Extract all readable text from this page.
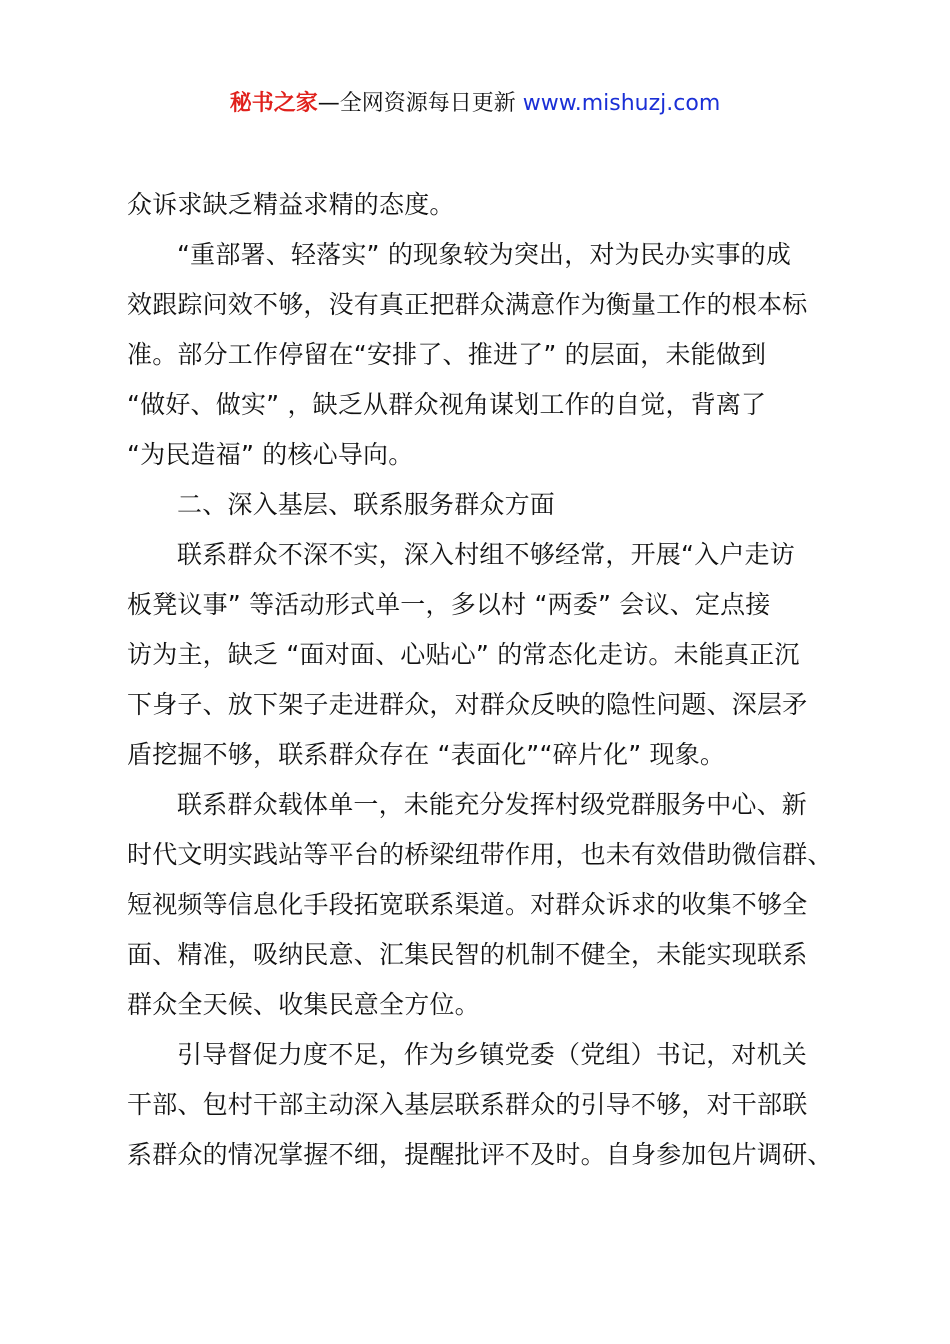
秘书之家—全网资源每日更新 www.mishuzj.com
众诉求缺乏精益求精的态度。
“重部署、轻落实” 的现象较为突出，对为民办实事的成
效跟踪问效不够，没有真正把群众满意作为衡量工作的根本标
准。部分工作停留在“安排了、推进了” 的层面，未能做到
“做好、做实” ，缺乏从群众视角谋划工作的自觉，背离了
“为民造福” 的核心导向。
二、深入基层、联系服务群众方面
联系群众不深不实，深入村组不够经常，开展“入户走访
板凳议事” 等活动形式单一，多以村 “两委” 会议、定点接
访为主，缺乏 “面对面、心贴心” 的常态化走访。未能真正沉
下身子、放下架子走进群众，对群众反映的隐性问题、深层矛
盾挖掘不够，联系群众存在 “表面化”“碎片化” 现象。
联系群众载体单一，未能充分发挥村级党群服务中心、新
时代文明实践站等平台的桥梁纽带作用，也未有效借助微信群、
短视频等信息化手段拓宽联系渠道。对群众诉求的收集不够全
面、精准，吸纳民意、汇集民智的机制不健全，未能实现联系
群众全天候、收集民意全方位。
引导督促力度不足，作为乡镇党委（党组）书记，对机关
干部、包村干部主动深入基层联系群众的引导不够，对干部联
系群众的情况掌握不细，提醒批评不及时。自身参加包片调研、
